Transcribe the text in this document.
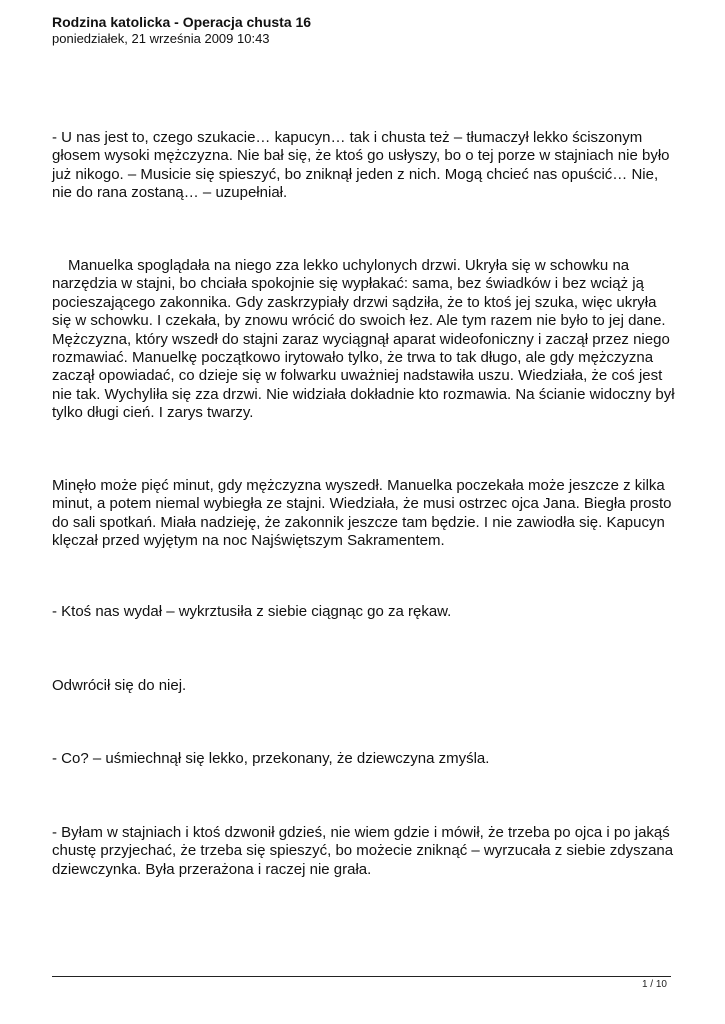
Rodzina katolicka - Operacja chusta 16

poniedziałek, 21 września 2009 10:43

- U nas jest to, czego szukacie… kapucyn… tak i chusta też – tłumaczył lekko ściszonym głosem wysoki mężczyzna. Nie bał się, że ktoś go usłyszy, bo o tej porze w stajniach nie było już nikogo. – Musicie się spieszyć, bo zniknął jeden z nich. Mogą chcieć nas opuścić… Nie, nie do rana zostaną… – uzupełniał.

Manuelka spoglądała na niego zza lekko uchylonych drzwi. Ukryła się w schowku na narzędzia w stajni, bo chciała spokojnie się wypłakać: sama, bez świadków i bez wciąż ją pocieszającego zakonnika. Gdy zaskrzypiały drzwi sądziła, że to ktoś jej szuka, więc ukryła się w schowku. I czekała, by znowu wrócić do swoich łez. Ale tym razem nie było to jej dane. Mężczyzna, który wszedł do stajni zaraz wyciągnął aparat wideofoniczny i zaczął przez niego rozmawiać. Manuelkę początkowo irytowało tylko, że trwa to tak długo, ale gdy mężczyzna zaczął opowiadać, co dzieje się w folwarku uważniej nadstawiła uszu. Wiedziała, że coś jest nie tak. Wychyliła się zza drzwi. Nie widziała dokładnie kto rozmawia. Na ścianie widoczny był tylko długi cień. I zarys twarzy.

Minęło może pięć minut, gdy mężczyzna wyszedł. Manuelka poczekała może jeszcze z kilka minut, a potem niemal wybiegła ze stajni. Wiedziała, że musi ostrzec ojca Jana. Biegła prosto do sali spotkań. Miała nadzieję, że zakonnik jeszcze tam będzie. I nie zawiodła się. Kapucyn klęczał przed wyjętym na noc Najświętszym Sakramentem.

- Ktoś nas wydał – wykrztusiła z siebie ciągnąc go za rękaw.

Odwrócił się do niej.

- Co? – uśmiechnął się lekko, przekonany, że dziewczyna zmyśla.

- Byłam w stajniach i ktoś dzwonił gdzieś, nie wiem gdzie i mówił, że trzeba po ojca i po jakąś chustę przyjechać, że trzeba się spieszyć, bo możecie zniknąć – wyrzucała z siebie zdyszana dziewczynka. Była przerażona i raczej nie grała.

1 / 10
